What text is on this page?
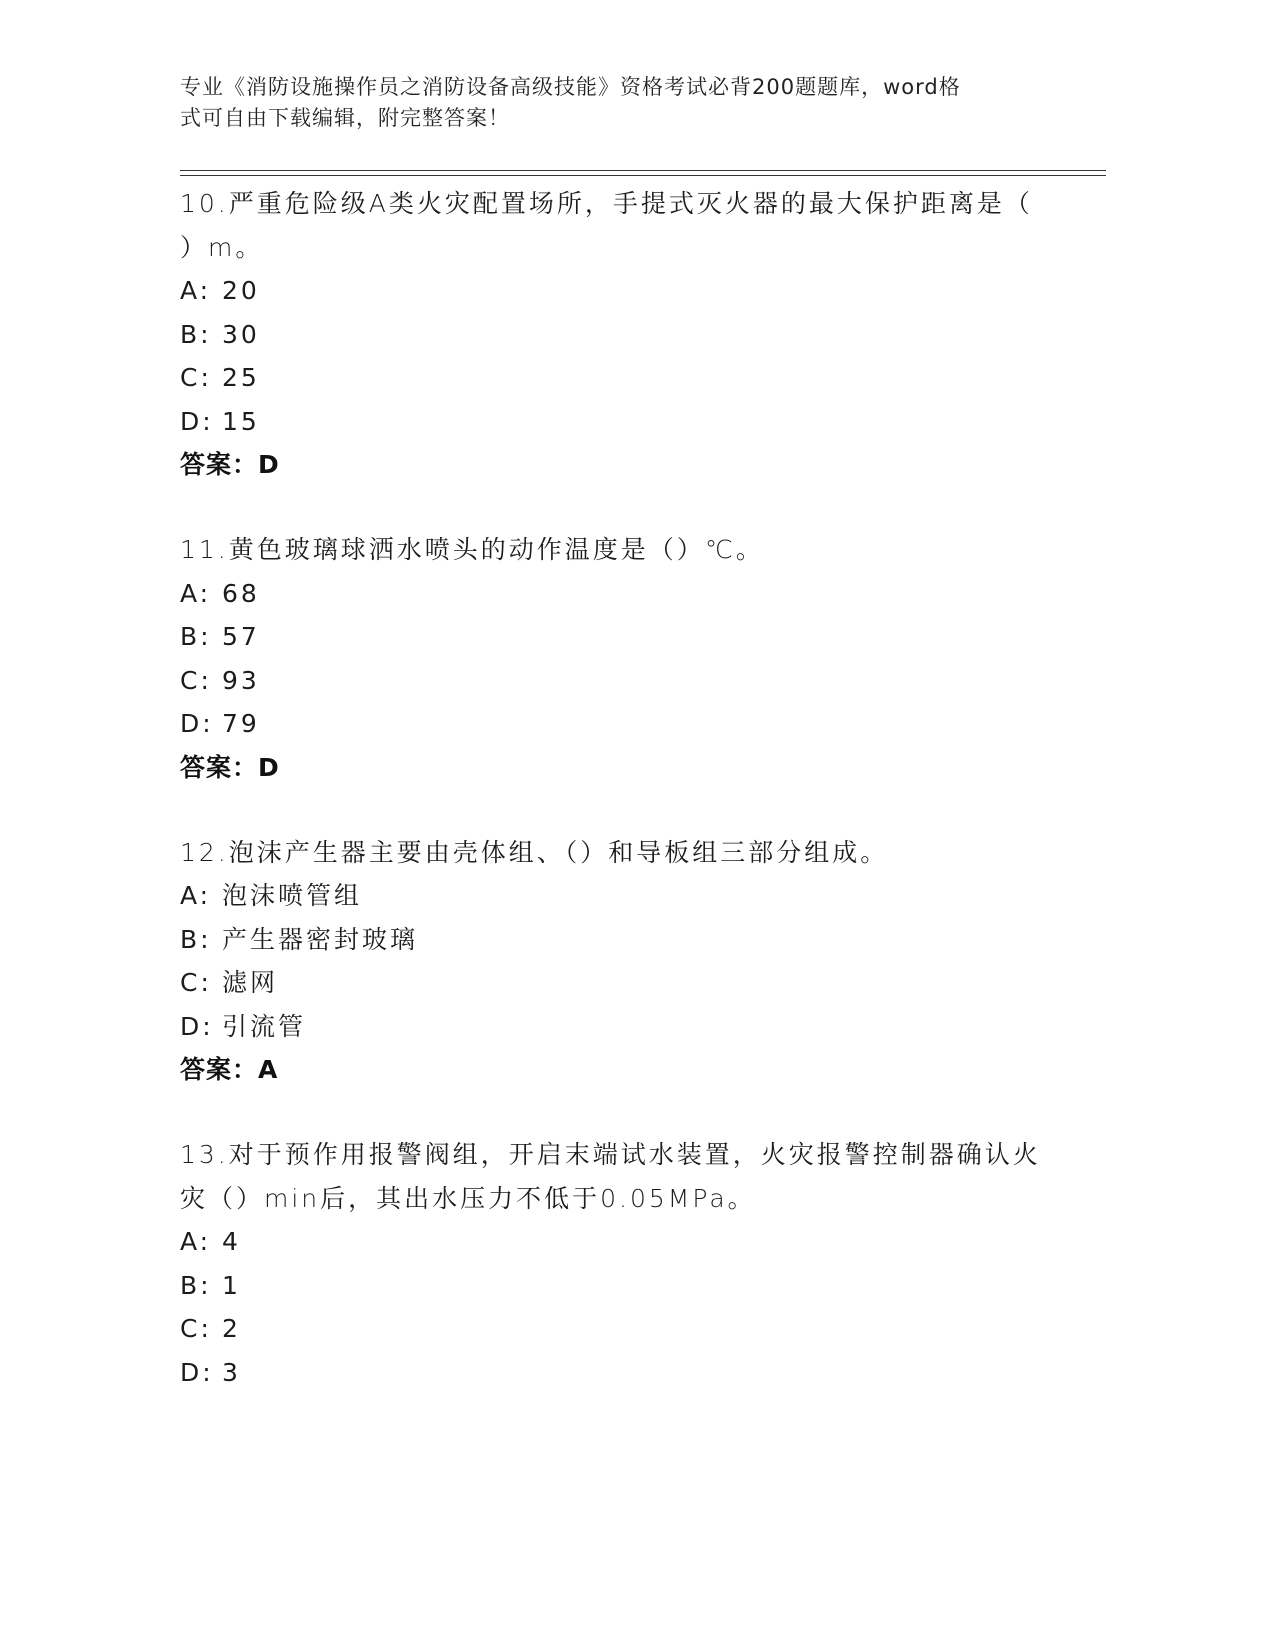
专业《消防设施操作员之消防设备高级技能》资格考试必背200题题库，word格
式可自由下载编辑，附完整答案！
10.严重危险级A类火灾配置场所，手提式灭火器的最大保护距离是（
）m。
A: 20
B: 30
C: 25
D: 15
答案：D
11.黄色玻璃球洒水喷头的动作温度是（）℃。
A: 68
B: 57
C: 93
D: 79
答案：D
12.泡沫产生器主要由壳体组、（）和导板组三部分组成。
A: 泡沫喷管组
B: 产生器密封玻璃
C: 滤网
D: 引流管
答案：A
13.对于预作用报警阀组，开启末端试水装置，火灾报警控制器确认火
灾（）min后，其出水压力不低于0.05MPa。
A: 4
B: 1
C: 2
D: 3
